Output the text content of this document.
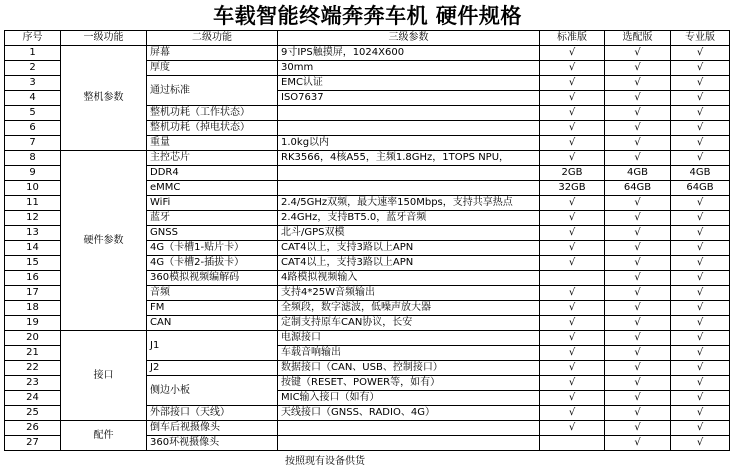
车载智能终端奔奔车机 硬件规格
序号	一级功能	二级功能	三级参数	标准版	选配版	专业版
1	整机参数	屏幕	9寸IPS触摸屏，1024X600	√	√	√
2		厚度	30mm	√	√	√
3		通过标准	EMC认证	√	√	√
4			ISO7637	√	√	√
5		整机功耗（工作状态）		√	√	√
6		整机功耗（掉电状态）		√	√	√
7		重量	1.0kg以内	√	√	√
8	硬件参数	主控芯片	RK3566，4核A55，主频1.8GHz，1TOPS NPU，	√	√	√
9		DDR4		2GB	4GB	4GB
10		eMMC		32GB	64GB	64GB
11		WiFi	2.4/5GHz双频，最大速率150Mbps，支持共享热点	√	√	√
12		蓝牙	2.4GHz，支持BT5.0，蓝牙音频	√	√	√
13		GNSS	北斗/GPS双模	√	√	√
14		4G（卡槽1-贴片卡）	CAT4以上，支持3路以上APN	√	√	√
15		4G（卡槽2-插拔卡）	CAT4以上，支持3路以上APN	√	√	√
16		360模拟视频编解码	4路模拟视频输入		√	√
17		音频	支持4*25W音频输出	√	√	√
18		FM	全频段，数字滤波，低噪声放大器	√	√	√
19		CAN	定制支持原车CAN协议，长安	√	√	√
20	接口	J1	电源接口	√	√	√
21			车载音响输出	√	√	√
22		J2	数据接口（CAN、USB、控制接口）	√	√	√
23		侧边小板	按键（RESET、POWER等，如有）	√	√	√
24			MIC输入接口（如有）	√	√	√
25		外部接口（天线）	天线接口（GNSS、RADIO、4G）	√	√	√
26	配件	倒车后视摄像头		√	√	√
27		360环视摄像头			√	√
按照现有设备供货
